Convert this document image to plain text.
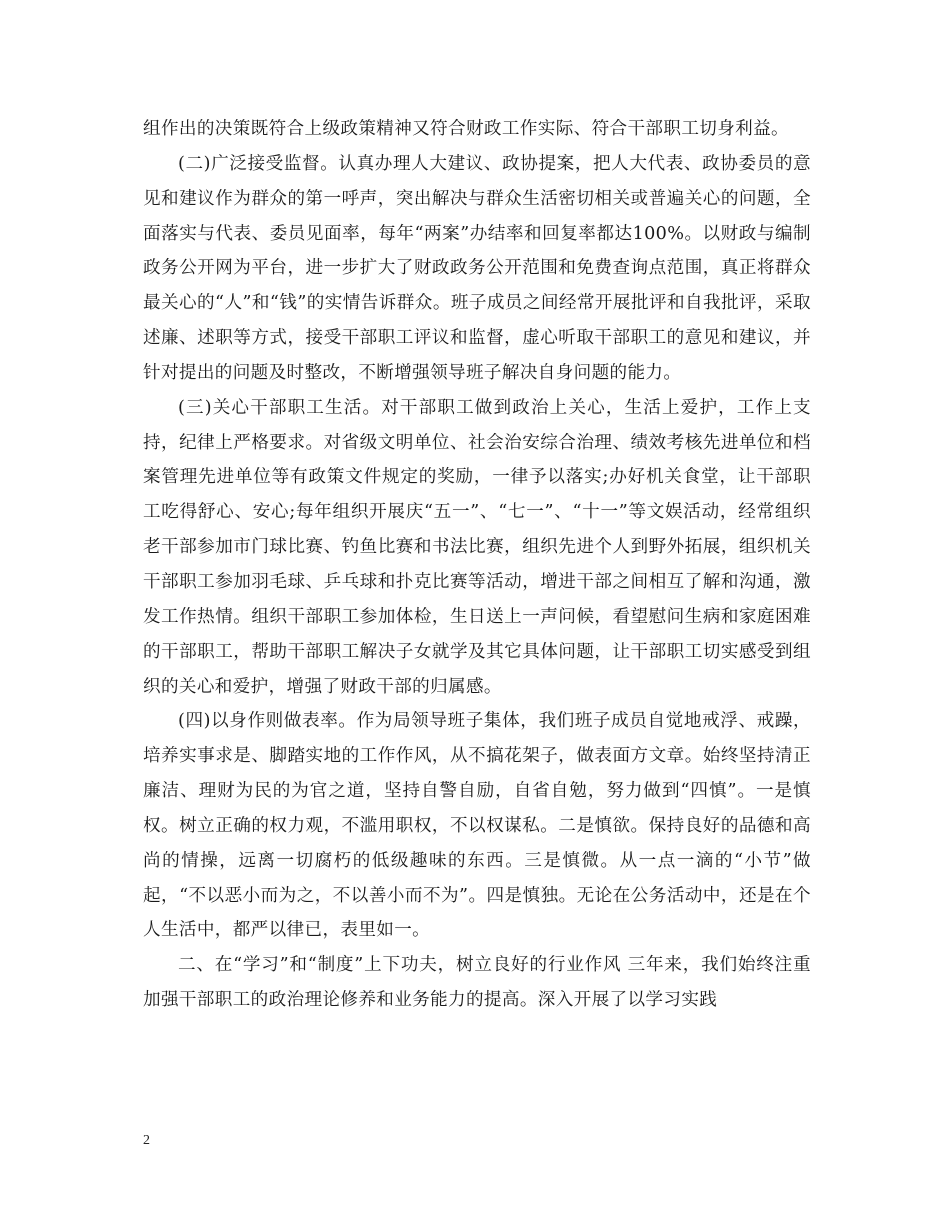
组作出的决策既符合上级政策精神又符合财政工作实际、符合干部职工切身利益。

(二)广泛接受监督。认真办理人大建议、政协提案，把人大代表、政协委员的意见和建议作为群众的第一呼声，突出解决与群众生活密切相关或普遍关心的问题，全面落实与代表、委员见面率，每年“两案”办结率和回复率都达100%。以财政与编制政务公开网为平台，进一步扩大了财政政务公开范围和免费查询点范围，真正将群众最关心的“人”和“钱”的实情告诉群众。班子成员之间经常开展批评和自我批评，采取述廉、述职等方式，接受干部职工评议和监督，虚心听取干部职工的意见和建议，并针对提出的问题及时整改，不断增强领导班子解决自身问题的能力。

(三)关心干部职工生活。对干部职工做到政治上关心，生活上爱护，工作上支持，纪律上严格要求。对省级文明单位、社会治安综合治理、绩效考核先进单位和档案管理先进单位等有政策文件规定的奖励，一律予以落实;办好机关食堂，让干部职工吃得舒心、安心;每年组织开展庆“五一”、“七一”、“十一”等文娱活动，经常组织老干部参加市门球比赛、钓鱼比赛和书法比赛，组织先进个人到野外拓展，组织机关干部职工参加羽毛球、乒乓球和扑克比赛等活动，增进干部之间相互了解和沟通，激发工作热情。组织干部职工参加体检，生日送上一声问候，看望慰问生病和家庭困难的干部职工，帮助干部职工解决子女就学及其它具体问题，让干部职工切实感受到组织的关心和爱护，增强了财政干部的归属感。

(四)以身作则做表率。作为局领导班子集体，我们班子成员自觉地戒浮、戒躁，培养实事求是、脚踏实地的工作作风，从不搞花架子，做表面方文章。始终坚持清正廉洁、理财为民的为官之道，坚持自警自励，自省自勉，努力做到“四慎”。一是慎权。树立正确的权力观，不滥用职权，不以权谋私。二是慎欲。保持良好的品德和高尚的情操，远离一切腐朽的低级趣味的东西。三是慎微。从一点一滴的“小节”做起，“不以恶小而为之，不以善小而不为”。四是慎独。无论在公务活动中，还是在个人生活中，都严以律已，表里如一。

二、在“学习”和“制度”上下功夫，树立良好的行业作风 三年来，我们始终注重加强干部职工的政治理论修养和业务能力的提高。深入开展了以学习实践

2
